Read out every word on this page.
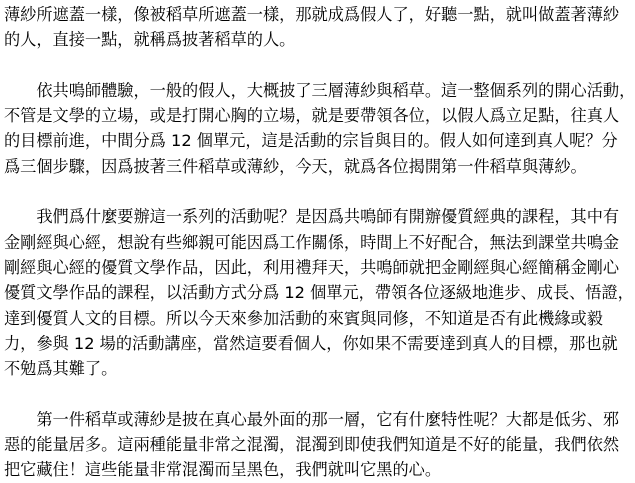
薄紗所遮蓋一樣，像被稻草所遮蓋一樣，那就成爲假人了，好聽一點，就叫做蓋著薄紗
的人，直接一點，就稱爲披著稻草的人。
　　依共鳴師體驗，一般的假人，大概披了三層薄紗與稻草。這一整個系列的開心活動，
不管是文學的立場，或是打開心胸的立場，就是要帶領各位，以假人爲立足點，往真人
的目標前進，中間分爲 12 個單元，這是活動的宗旨與目的。假人如何達到真人呢？分
爲三個步驟，因爲披著三件稻草或薄紗，今天，就爲各位揭開第一件稻草與薄紗。
　　我們爲什麼要辦這一系列的活動呢？是因爲共鳴師有開辦優質經典的課程，其中有
金剛經與心經，想說有些鄉親可能因爲工作關係，時間上不好配合，無法到課堂共鳴金
剛經與心經的優質文學作品，因此，利用禮拜天，共鳴師就把金剛經與心經簡稱金剛心
優質文學作品的課程，以活動方式分爲 12 個單元，帶領各位逐級地進步、成長、悟證，
達到優質人文的目標。所以今天來參加活動的來賓與同修，不知道是否有此機緣或毅
力，參與 12 場的活動講座，當然這要看個人，你如果不需要達到真人的目標，那也就
不勉爲其難了。
　　第一件稻草或薄紗是披在真心最外面的那一層，它有什麼特性呢？大都是低劣、邪
惡的能量居多。這兩種能量非常之混濁，混濁到即使我們知道是不好的能量，我們依然
把它藏住！這些能量非常混濁而呈黑色，我們就叫它黑的心。
